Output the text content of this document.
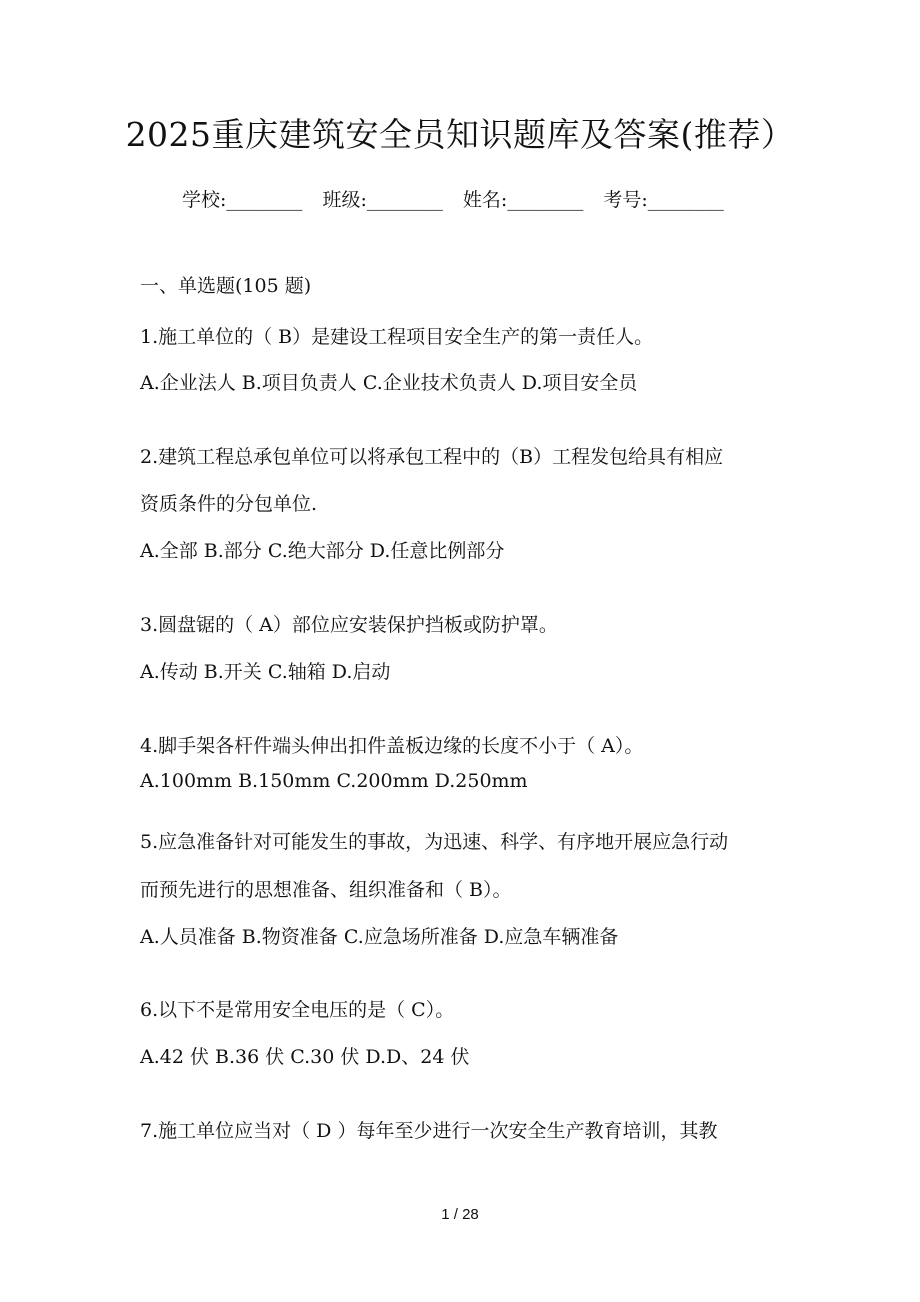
2025重庆建筑安全员知识题库及答案(推荐）
学校:________ 班级:________ 姓名:________ 考号:________
一、单选题(105 题)
1.施工单位的（ B）是建设工程项目安全生产的第一责任人。
A.企业法人 B.项目负责人 C.企业技术负责人 D.项目安全员
2.建筑工程总承包单位可以将承包工程中的（B）工程发包给具有相应
资质条件的分包单位.
A.全部 B.部分 C.绝大部分 D.任意比例部分
3.圆盘锯的（ A）部位应安装保护挡板或防护罩。
A.传动 B.开关 C.轴箱 D.启动
4.脚手架各杆件端头伸出扣件盖板边缘的长度不小于（ A）。
A.100mm B.150mm C.200mm D.250mm
5.应急准备针对可能发生的事故，为迅速、科学、有序地开展应急行动
而预先进行的思想准备、组织准备和（ B）。
A.人员准备 B.物资准备 C.应急场所准备 D.应急车辆准备
6.以下不是常用安全电压的是（ C）。
A.42 伏 B.36 伏 C.30 伏 D.D、24 伏
7.施工单位应当对（ D ）每年至少进行一次安全生产教育培训，其教
1 / 28
